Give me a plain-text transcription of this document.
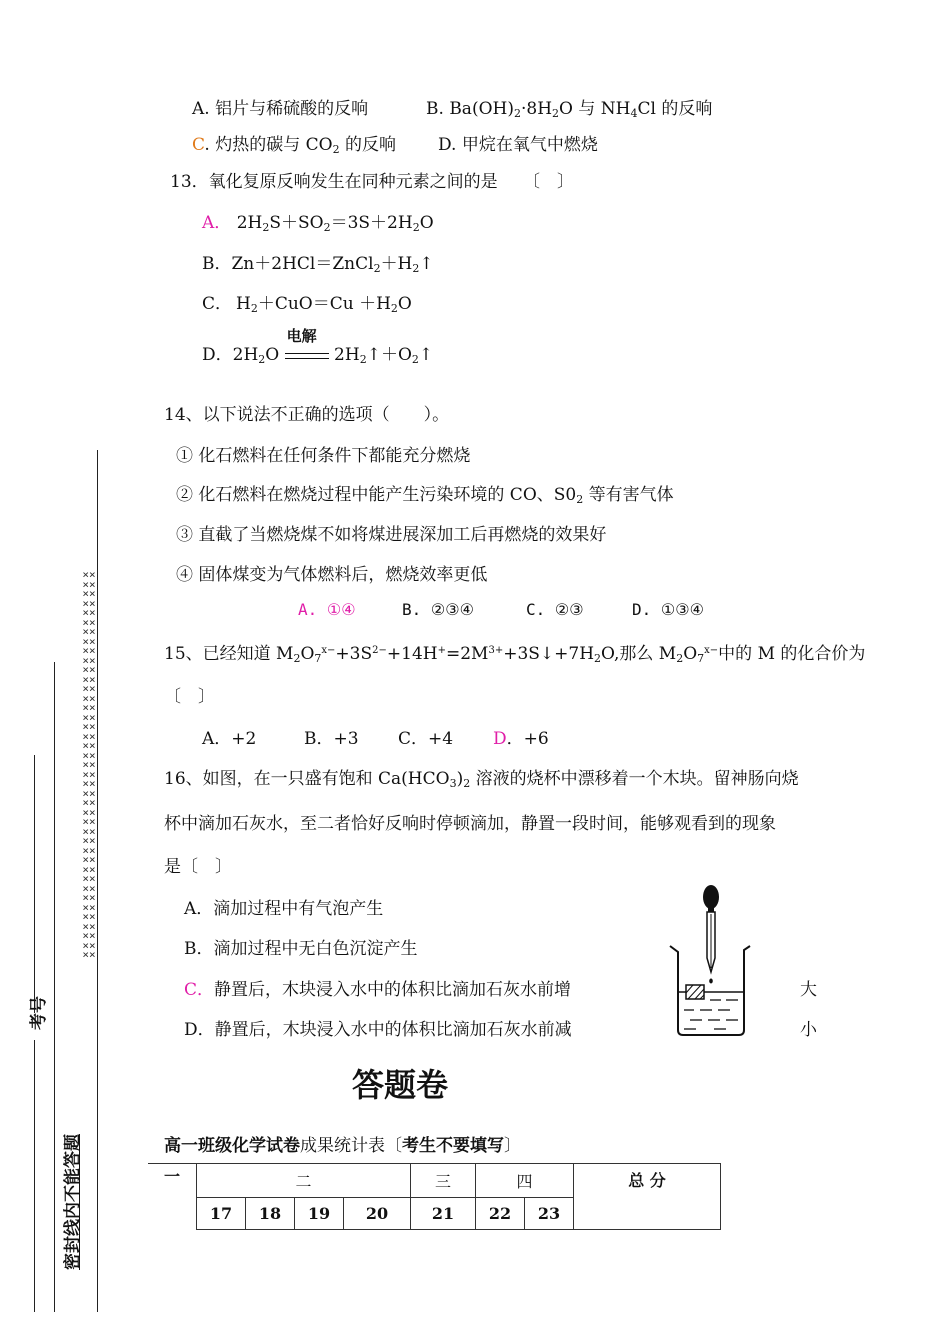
A. 铝片与稀硫酸的反响	B. $Ba(OH)_2\cdot 8H_2O$ 与 $NH_4Cl$ 的反响
C. 灼热的碳与 $CO_2$ 的反响 D. 甲烷在氧气中燃烧
13．氧化复原反响发生在同种元素之间的是 〔　〕
A． $2H_2S+SO_2=3S+2H_2O$
B．$Zn+2HCl=ZnCl_2+H_2↑$
C． $H_2+CuO=Cu +H_2O$
D．$2H_2O$
电解
$2H_2↑+O_2↑$
14、以下说法不正确的选项（　　）。
① 化石燃料在任何条件下都能充分燃烧
② 化石燃料在燃烧过程中能产生污染环境的 CO、$S0_2$ 等有害气体
③ 直截了当燃烧煤不如将煤进展深加工后再燃烧的效果好
④ 固体煤变为气体燃料后，燃烧效率更低
A. ①④	B. ②③④	C. ②③	D. ①③④
15、已经知道 $M_2O_7^{x-}+3S^{2-}+14H^+=2M^{3+}+3S↓+7H_2O$,那么 $M_2O_7^{x-}$中的 M 的化合价为
〔　〕
A．+2	B．+3 C．+4 D．+6
16、如图，在一只盛有饱和 $Ca(HCO_3)_2$ 溶液的烧杯中漂移着一个木块。留神肠向烧
杯中滴加石灰水，至二者恰好反响时停顿滴加，静置一段时间，能够观看到的现象
是〔　〕
A．滴加过程中有气泡产生
B．滴加过程中无白色沉淀产生
C．静置后，木块浸入水中的体积比滴加石灰水前增	大
D．静置后，木块浸入水中的体积比滴加石灰水前减	小
答题卷
高一班级化学试卷成果统计表〔考生不要填写〕
一	二				三	四		总 分
	17	18	19	20	21	22	23	
××××××××××××××××××××××××××××××××××××××××××××××××××××××××××××××××××××××××××××××××××
考号
密封线内不能答题
